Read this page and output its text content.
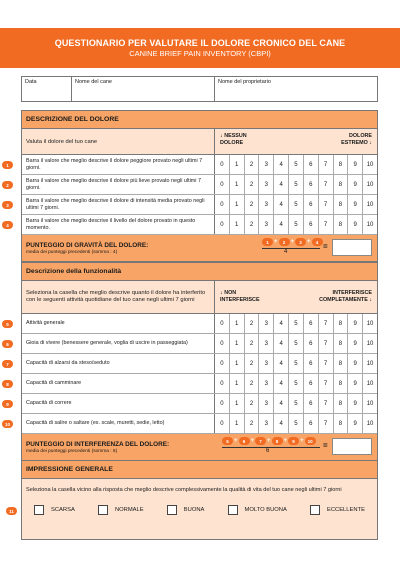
QUESTIONARIO PER VALUTARE IL DOLORE CRONICO DEL CANE
CANINE BRIEF PAIN INVENTORY (CBPI)
Data	Nome del cane	Nome del proprietario
DESCRIZIONE DEL DOLORE
Valuta il dolore del tuo cane
↓ NESSUN DOLORE
DOLORE ESTREMO ↓
1
Barra il valore che meglio descrive il dolore peggiore provato negli ultimi 7 giorni.	0	1	2	3	4	5	6	7	8	9	10
2
Barra il valore che meglio descrive il dolore più lieve provato negli ultimi 7 giorni.	0	1	2	3	4	5	6	7	8	9	10
3
Barra il valore che meglio descrive il dolore di intensità media provato negli ultimi 7 giorni.	0	1	2	3	4	5	6	7	8	9	10
4
Barra il valore che meglio descrive il livello del dolore provato in questo momento.	0	1	2	3	4	5	6	7	8	9	10
PUNTEGGIO DI GRAVITÀ DEL DOLORE:
media dei punteggi precedenti (somma : 4)
1 +	2 +	3 +	4
4
=
Descrizione della funzionalità
Seleziona la casella che meglio descrive quanto il dolore ha interferito con le seguenti attività quotidiane del tuo cane negli ultimi 7 giorni
↓ NON INTERFERISCE
INTERFERISCE COMPLETAMENTE ↓
5	Attività generale	0	1	2	3	4	5	6	7	8	9	10
6	Gioia di vivere (benessere generale, voglia di uscire in passeggiata)	0	1	2	3	4	5	6	7	8	9	10
7	Capacità di alzarsi da steso/seduto	0	1	2	3	4	5	6	7	8	9	10
8	Capacità di camminare	0	1	2	3	4	5	6	7	8	9	10
9	Capacità di correre	0	1	2	3	4	5	6	7	8	9	10
10	Capacità di salire o saltare (es. scale, muretti, sedie, letto)	0	1	2	3	4	5	6	7	8	9	10
PUNTEGGIO DI INTERFERENZA DEL DOLORE:
media dei punteggi precedenti (somma : 6)
5 +	6 +	7 +	8 +	9 + 10
6
=
IMPRESSIONE GENERALE
Seleziona la casella vicino alla risposta che meglio descrive complessivamente la qualità di vita del tuo cane negli ultimi 7 giorni
11	SCARSA	NORMALE	BUONA	MOLTO BUONA	ECCELLENTE
